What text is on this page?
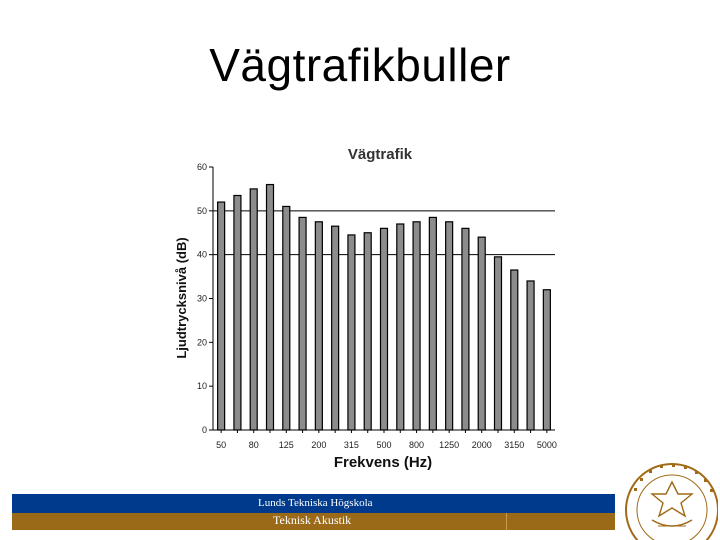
Vägtrafikbuller
Vägtrafik
Ljudtrycksnivå (dB)
Frekvens (Hz)
0
10
20
30
40
50
60
50	80 125 200 315 500 800 1250 2000 3150 5000
Lunds Tekniska Högskola
Teknisk Akustik
